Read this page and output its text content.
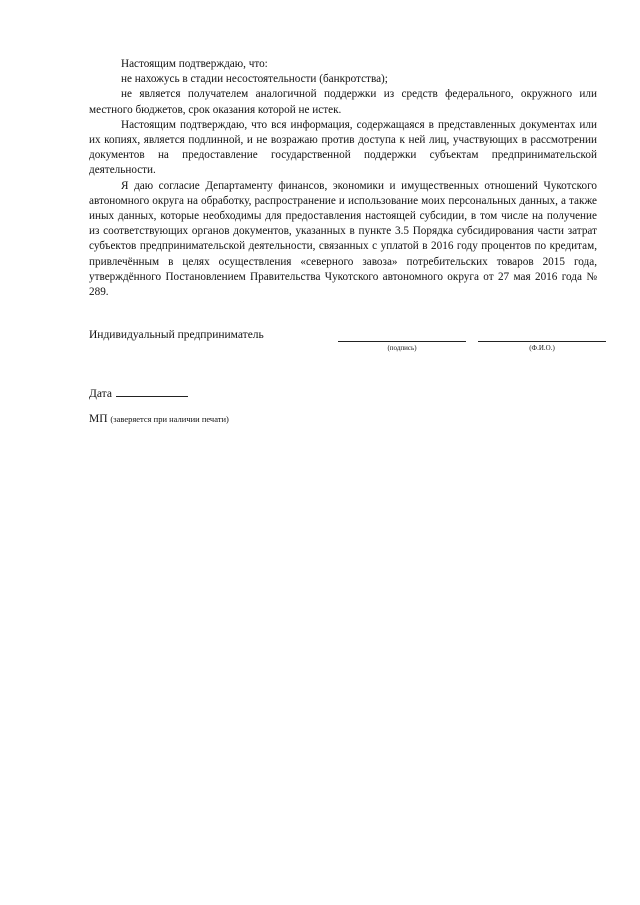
Настоящим подтверждаю, что:

не нахожусь в стадии несостоятельности (банкротства);

не является получателем аналогичной поддержки из средств федерального, окружного или местного бюджетов, срок оказания которой не истек.

Настоящим подтверждаю, что вся информация, содержащаяся в представленных документах или их копиях, является подлинной, и не возражаю против доступа к ней лиц, участвующих в рассмотрении документов на предоставление государственной поддержки субъектам предпринимательской деятельности.

Я даю согласие Департаменту финансов, экономики и имущественных отношений Чукотского автономного округа на обработку, распространение и использование моих персональных данных, а также иных данных, которые необходимы для предоставления настоящей субсидии, в том числе на получение из соответствующих органов документов, указанных в пункте 3.5 Порядка субсидирования части затрат субъектов предпринимательской деятельности, связанных с уплатой в 2016 году процентов по кредитам, привлечённым в целях осуществления «северного завоза» потребительских товаров 2015 года, утверждённого Постановлением Правительства Чукотского автономного округа от 27 мая 2016 года № 289.

Индивидуальный предприниматель
(подпись)	(Ф.И.О.)
Дата
МП (заверяется при наличии печати)
